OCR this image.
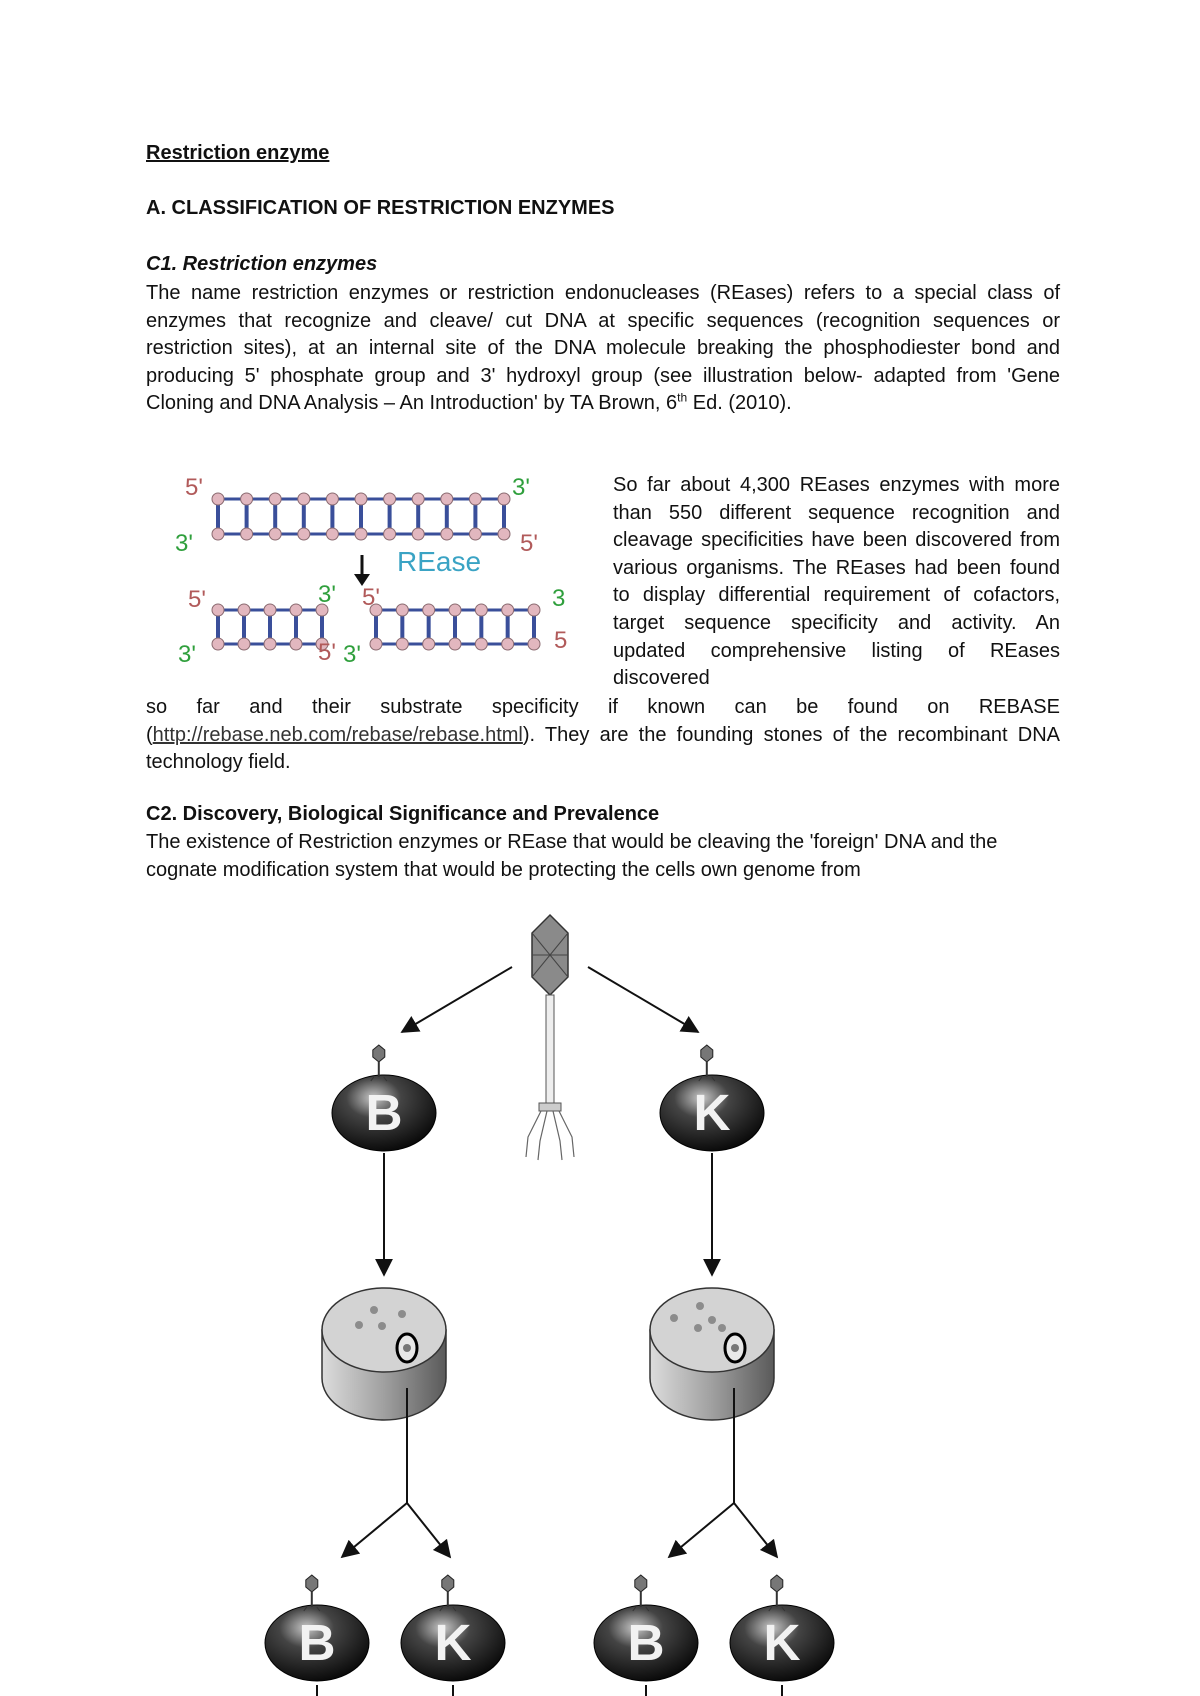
Restriction enzyme
A. CLASSIFICATION OF RESTRICTION ENZYMES
C1. Restriction enzymes

The name restriction enzymes or restriction endonucleases (REases) refers to a special class of enzymes that recognize and cleave/ cut DNA at specific sequences (recognition sequences or restriction sites), at an internal site of the DNA molecule breaking the phosphodiester bond and producing 5' phosphate group and 3' hydroxyl group (see illustration below- adapted from 'Gene Cloning and DNA Analysis – An Introduction' by TA Brown, 6th Ed. (2010).

5'	3'
3'	5'
REase
5'	3' 5'	3
3'	5' 3'
5

So far about 4,300 REases enzymes with more than 550 different sequence recognition and cleavage specificities have been discovered from various organisms. The REases had been found to display differential requirement of cofactors, target sequence specificity and activity. An updated comprehensive listing of REases discovered

so far and their substrate specificity if known can be found on REBASE (http://rebase.neb.com/rebase/rebase.html). They are the founding stones of the recombinant DNA technology field.

C2. Discovery, Biological Significance and Prevalence

The existence of Restriction enzymes or REase that would be cleaving the 'foreign' DNA and the cognate modification system that would be protecting the cells own genome from

B	K
B K	B K
